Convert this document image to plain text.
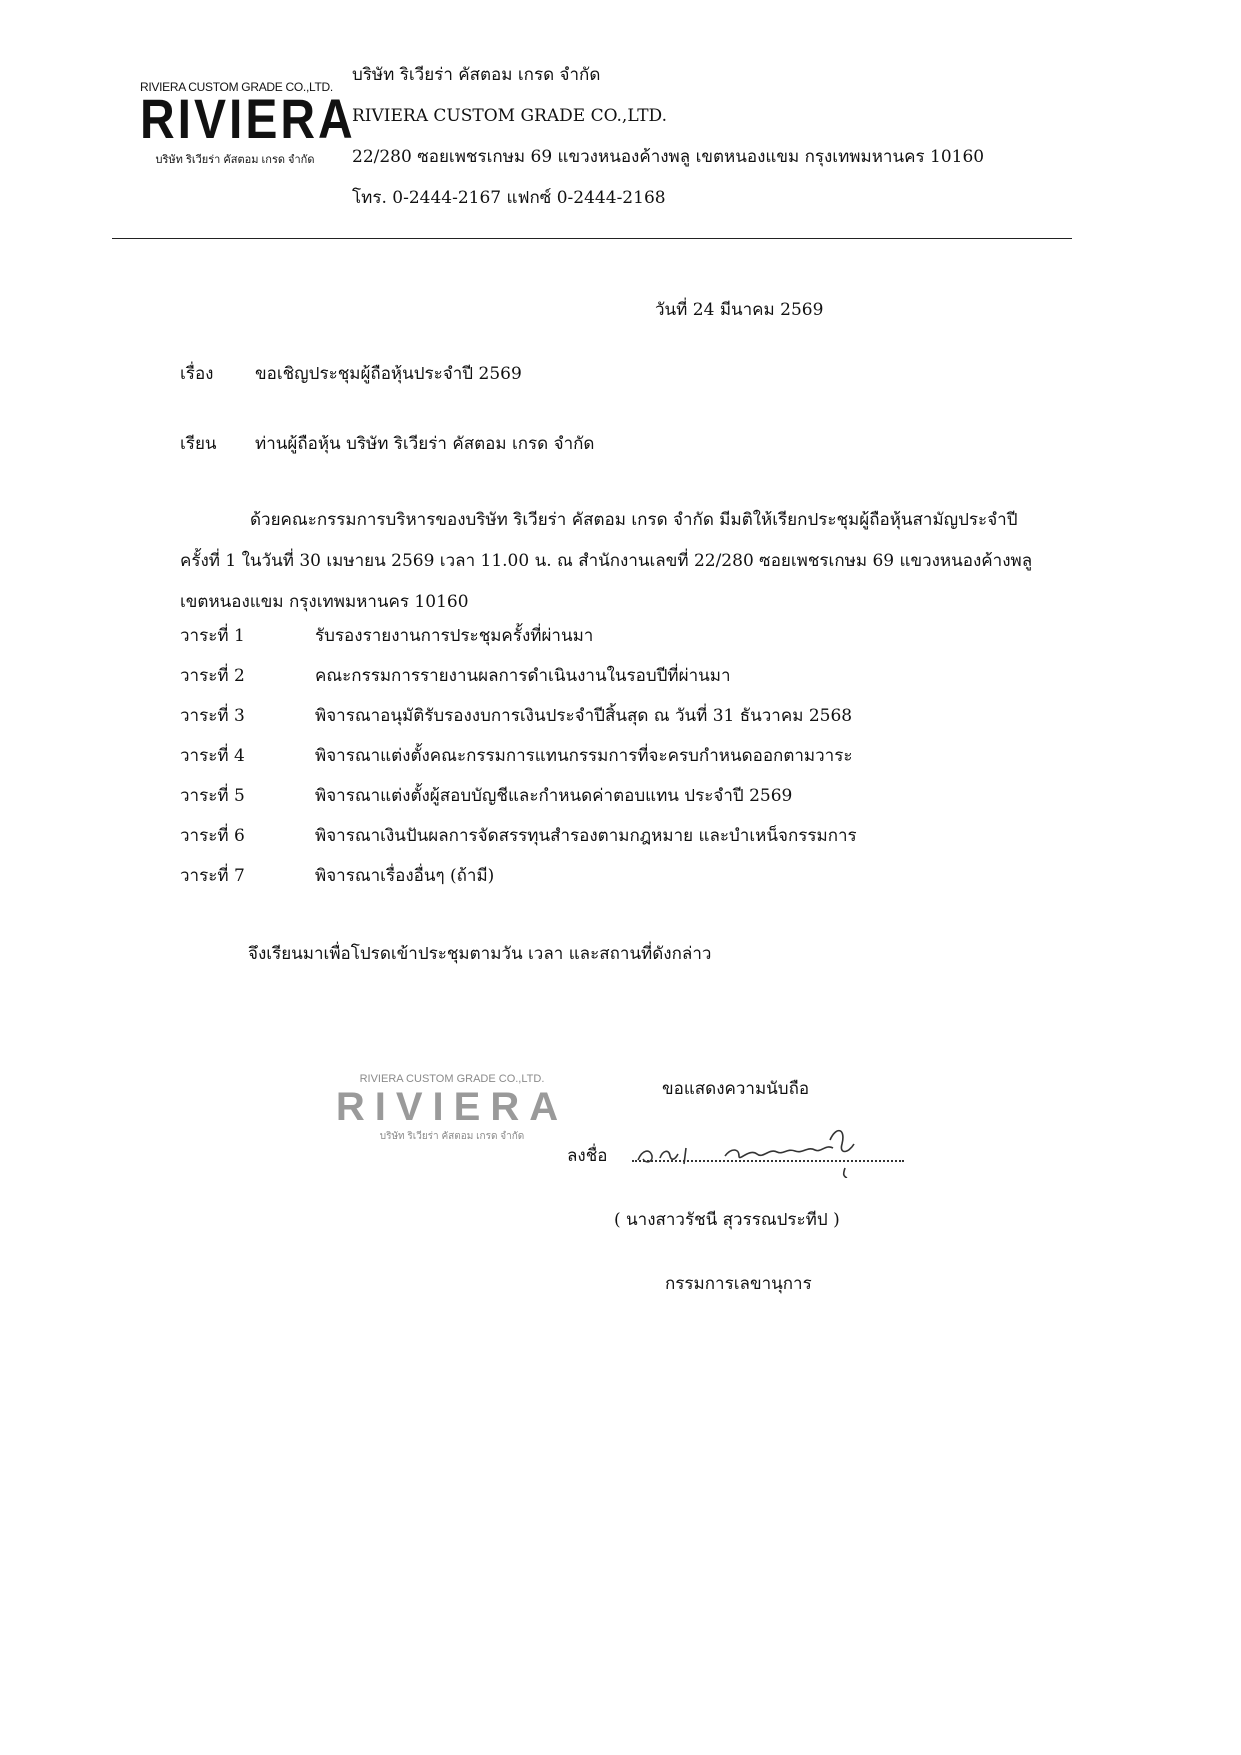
RIVIERA CUSTOM GRADE CO.,LTD.
RIVIERA
บริษัท ริเวียร่า คัสตอม เกรด จำกัด
บริษัท ริเวียร่า คัสตอม เกรด จำกัด
RIVIERA CUSTOM GRADE CO.,LTD.
22/280 ซอยเพชรเกษม 69 แขวงหนองค้างพลู เขตหนองแขม กรุงเทพมหานคร 10160
โทร. 0-2444-2167 แฟกซ์ 0-2444-2168
วันที่ 24 มีนาคม 2569
เรื่อง ขอเชิญประชุมผู้ถือหุ้นประจำปี 2569
เรียน ท่านผู้ถือหุ้น บริษัท ริเวียร่า คัสตอม เกรด จำกัด
ด้วยคณะกรรมการบริหารของบริษัท ริเวียร่า คัสตอม เกรด จำกัด มีมติให้เรียกประชุมผู้ถือหุ้นสามัญประจำปี ครั้งที่ 1 ในวันที่ 30 เมษายน 2569 เวลา 11.00 น. ณ สำนักงานเลขที่ 22/280 ซอยเพชรเกษม 69 แขวงหนองค้างพลู เขตหนองแขม กรุงเทพมหานคร 10160
วาระที่ 1	รับรองรายงานการประชุมครั้งที่ผ่านมา
วาระที่ 2	คณะกรรมการรายงานผลการดำเนินงานในรอบปีที่ผ่านมา
วาระที่ 3	พิจารณาอนุมัติรับรองงบการเงินประจำปีสิ้นสุด ณ วันที่ 31 ธันวาคม 2568
วาระที่ 4	พิจารณาแต่งตั้งคณะกรรมการแทนกรรมการที่จะครบกำหนดออกตามวาระ
วาระที่ 5	พิจารณาแต่งตั้งผู้สอบบัญชีและกำหนดค่าตอบแทน ประจำปี 2569
วาระที่ 6	พิจารณาเงินปันผลการจัดสรรทุนสำรองตามกฎหมาย และบำเหน็จกรรมการ
วาระที่ 7	พิจารณาเรื่องอื่นๆ (ถ้ามี)
จึงเรียนมาเพื่อโปรดเข้าประชุมตามวัน เวลา และสถานที่ดังกล่าว
RIVIERA CUSTOM GRADE CO.,LTD.
RIVIERA
บริษัท ริเวียร่า คัสตอม เกรด จำกัด
ขอแสดงความนับถือ
ลงชื่อ
( นางสาวรัชนี สุวรรณประทีป )
กรรมการเลขานุการ
